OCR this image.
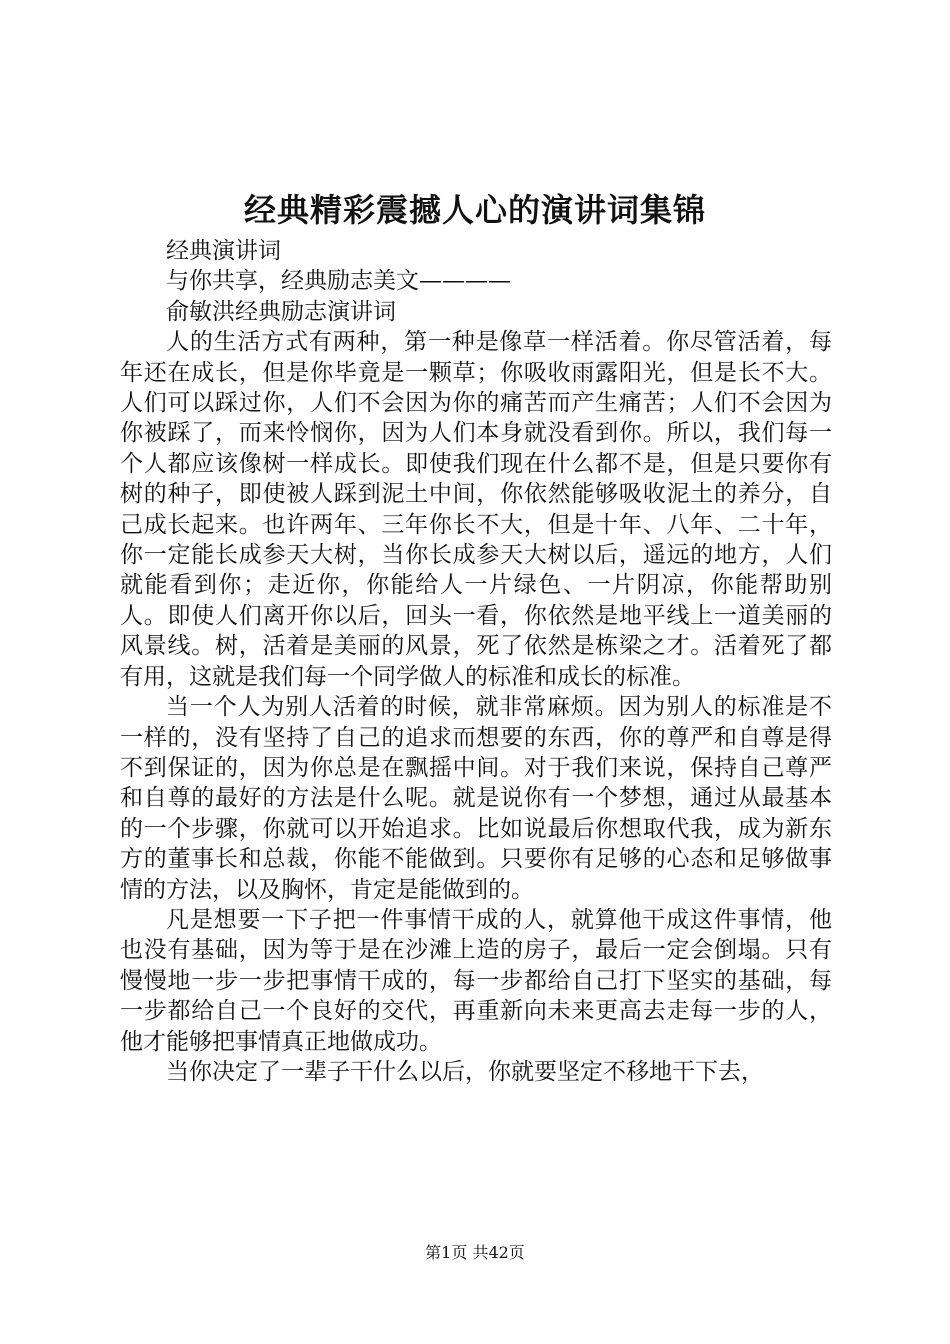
经典精彩震撼人心的演讲词集锦

经典演讲词

与你共享，经典励志美文————

俞敏洪经典励志演讲词

人的生活方式有两种，第一种是像草一样活着。你尽管活着，每年还在成长，但是你毕竟是一颗草；你吸收雨露阳光，但是长不大。人们可以踩过你，人们不会因为你的痛苦而产生痛苦；人们不会因为你被踩了，而来怜悯你，因为人们本身就没看到你。所以，我们每一个人都应该像树一样成长。即使我们现在什么都不是，但是只要你有树的种子，即使被人踩到泥土中间，你依然能够吸收泥土的养分，自己成长起来。也许两年、三年你长不大，但是十年、八年、二十年，你一定能长成参天大树，当你长成参天大树以后，遥远的地方，人们就能看到你；走近你，你能给人一片绿色、一片阴凉，你能帮助别人。即使人们离开你以后，回头一看，你依然是地平线上一道美丽的风景线。树，活着是美丽的风景，死了依然是栋梁之才。活着死了都有用，这就是我们每一个同学做人的标准和成长的标准。

当一个人为别人活着的时候，就非常麻烦。因为别人的标准是不一样的，没有坚持了自己的追求而想要的东西，你的尊严和自尊是得不到保证的，因为你总是在飘摇中间。对于我们来说，保持自己尊严和自尊的最好的方法是什么呢。就是说你有一个梦想，通过从最基本的一个步骤，你就可以开始追求。比如说最后你想取代我，成为新东方的董事长和总裁，你能不能做到。只要你有足够的心态和足够做事情的方法，以及胸怀，肯定是能做到的。

凡是想要一下子把一件事情干成的人，就算他干成这件事情，他也没有基础，因为等于是在沙滩上造的房子，最后一定会倒塌。只有慢慢地一步一步把事情干成的，每一步都给自己打下坚实的基础，每一步都给自己一个良好的交代，再重新向未来更高去走每一步的人，他才能够把事情真正地做成功。

当你决定了一辈子干什么以后，你就要坚定不移地干下去，

第1页 共42页
